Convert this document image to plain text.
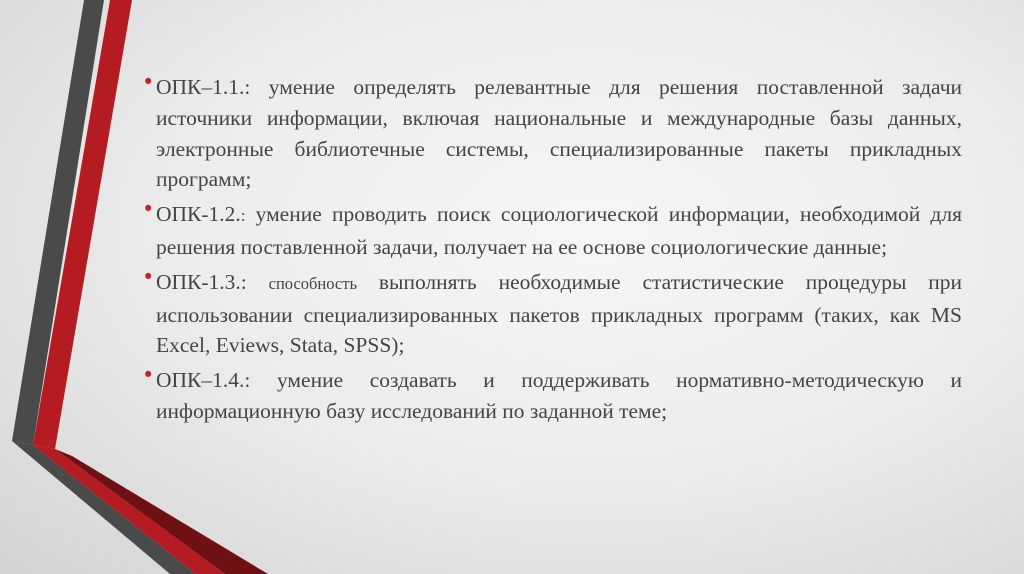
• ОПК–1.1.: умение определять релевантные для решения поставленной задачи источники информации, включая национальные и международные базы данных, электронные библиотечные системы, специализированные пакеты прикладных программ;
• ОПК-1.2.: умение проводить поиск социологической информации, необходимой для решения поставленной задачи, получает на ее основе социологические данные;
• ОПК-1.3.: способность выполнять необходимые статистические процедуры при использовании специализированных пакетов прикладных программ (таких, как MS Excel, Eviews, Stata, SPSS);
• ОПК–1.4.: умение создавать и поддерживать нормативно-методическую и информационную базу исследований по заданной теме;
